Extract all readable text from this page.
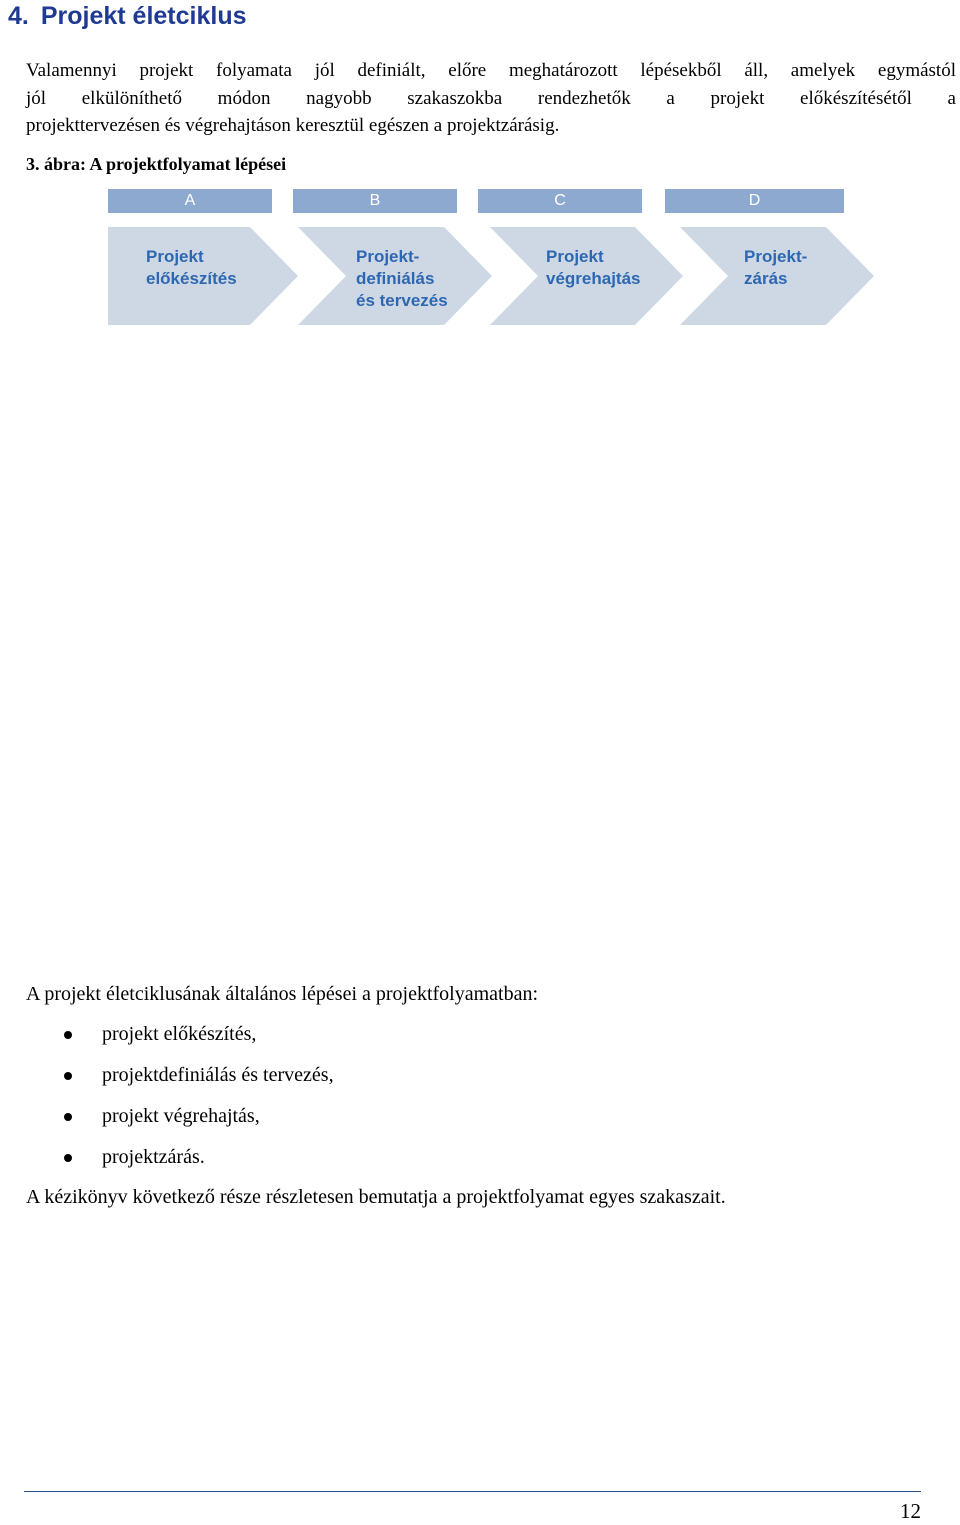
4. Projekt életciklus

Valamennyi projekt folyamata jól definiált, előre meghatározott lépésekből áll, amelyek egymástól
jól elkülöníthető módon nagyobb szakaszokba rendezhetők a projekt előkészítésétől a
projekttervezésen és végrehajtáson keresztül egészen a projektzárásig.

3. ábra: A projektfolyamat lépései

A	B	C	D
Projekt
előkészítés
Projekt-
definiálás
és tervezés
Projekt
végrehajtás
Projekt-
zárás

A projekt életciklusának általános lépései a projektfolyamatban:

projekt előkészítés,
projektdefiniálás és tervezés,
projekt végrehajtás,
projektzárás.

A kézikönyv következő része részletesen bemutatja a projektfolyamat egyes szakaszait.

12
